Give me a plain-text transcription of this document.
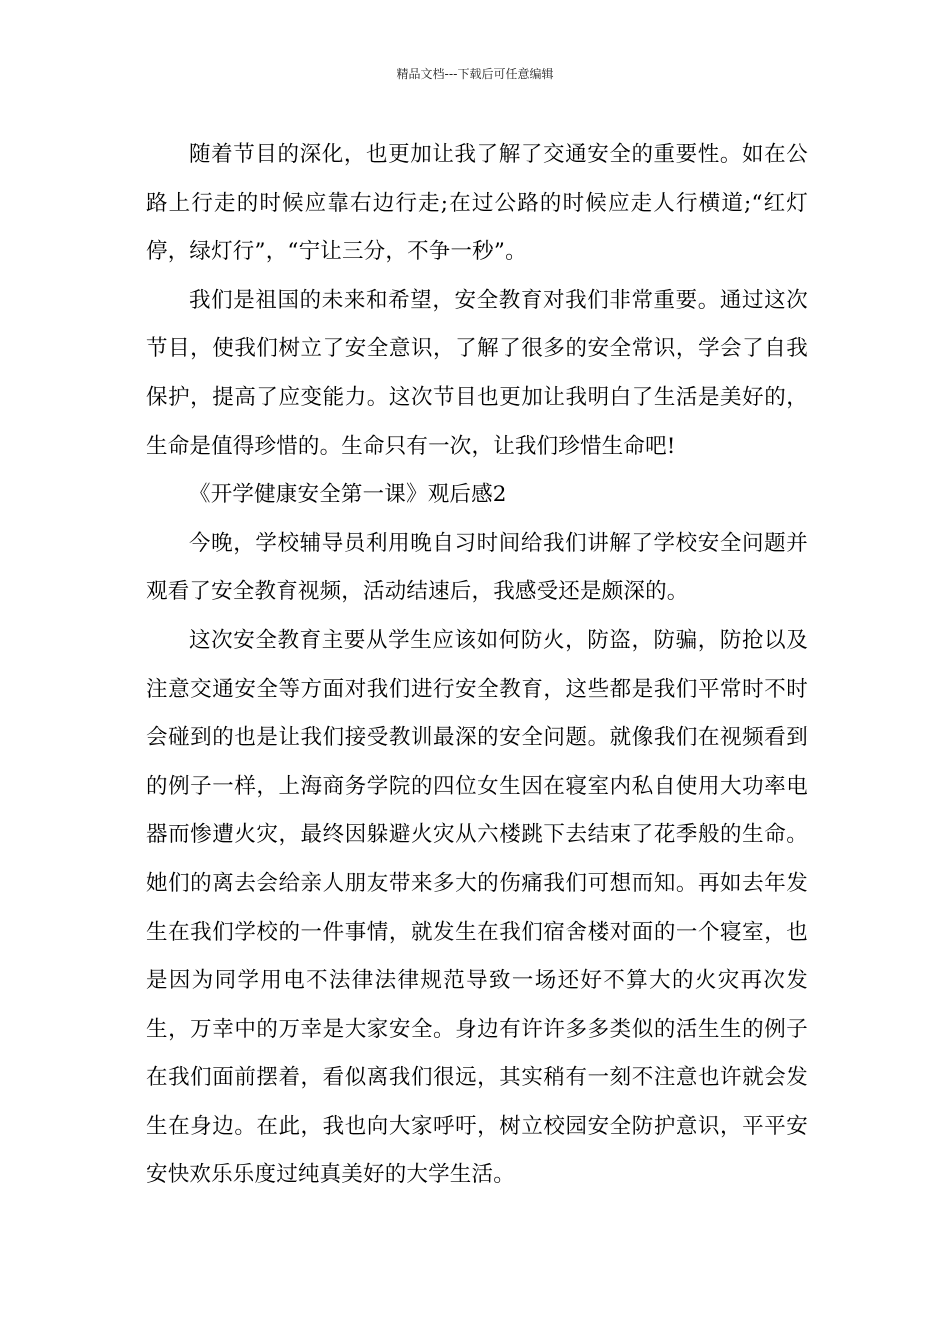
精品文档---下载后可任意编辑

随着节目的深化，也更加让我了解了交通安全的重要性。如在公路上行走的时候应靠右边行走;在过公路的时候应走人行横道;“红灯停，绿灯行”，“宁让三分，不争一秒”。

我们是祖国的未来和希望，安全教育对我们非常重要。通过这次节目，使我们树立了安全意识，了解了很多的安全常识，学会了自我保护，提高了应变能力。这次节目也更加让我明白了生活是美好的，生命是值得珍惜的。生命只有一次，让我们珍惜生命吧!

《开学健康安全第一课》观后感2

今晚，学校辅导员利用晚自习时间给我们讲解了学校安全问题并观看了安全教育视频，活动结速后，我感受还是颇深的。

这次安全教育主要从学生应该如何防火，防盗，防骗，防抢以及注意交通安全等方面对我们进行安全教育，这些都是我们平常时不时会碰到的也是让我们接受教训最深的安全问题。就像我们在视频看到的例子一样，上海商务学院的四位女生因在寝室内私自使用大功率电器而惨遭火灾，最终因躲避火灾从六楼跳下去结束了花季般的生命。她们的离去会给亲人朋友带来多大的伤痛我们可想而知。再如去年发生在我们学校的一件事情，就发生在我们宿舍楼对面的一个寝室，也是因为同学用电不法律法律规范导致一场还好不算大的火灾再次发生，万幸中的万幸是大家安全。身边有许许多多类似的活生生的例子在我们面前摆着，看似离我们很远，其实稍有一刻不注意也许就会发生在身边。在此，我也向大家呼吁，树立校园安全防护意识，平平安安快欢乐乐度过纯真美好的大学生活。
